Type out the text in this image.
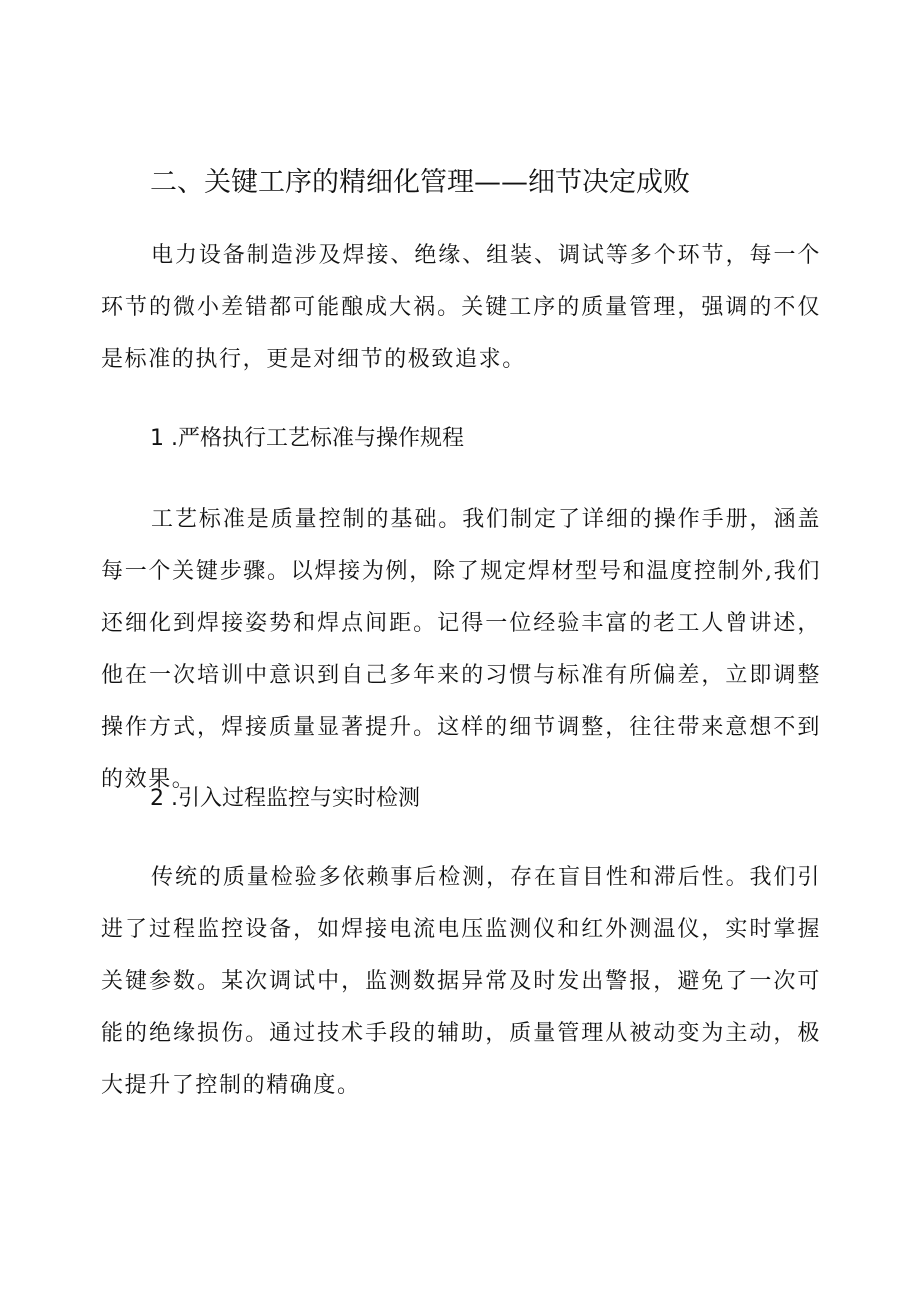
二、关键工序的精细化管理——细节决定成败
电力设备制造涉及焊接、绝缘、组装、调试等多个环节，每一个环节的微小差错都可能酿成大祸。关键工序的质量管理，强调的不仅是标准的执行，更是对细节的极致追求。
1 .严格执行工艺标准与操作规程
工艺标准是质量控制的基础。我们制定了详细的操作手册，涵盖每一个关键步骤。以焊接为例，除了规定焊材型号和温度控制外,我们还细化到焊接姿势和焊点间距。记得一位经验丰富的老工人曾讲述，他在一次培训中意识到自己多年来的习惯与标准有所偏差，立即调整操作方式，焊接质量显著提升。这样的细节调整，往往带来意想不到的效果。
2 .引入过程监控与实时检测
传统的质量检验多依赖事后检测，存在盲目性和滞后性。我们引进了过程监控设备，如焊接电流电压监测仪和红外测温仪，实时掌握关键参数。某次调试中，监测数据异常及时发出警报，避免了一次可能的绝缘损伤。通过技术手段的辅助，质量管理从被动变为主动，极大提升了控制的精确度。
